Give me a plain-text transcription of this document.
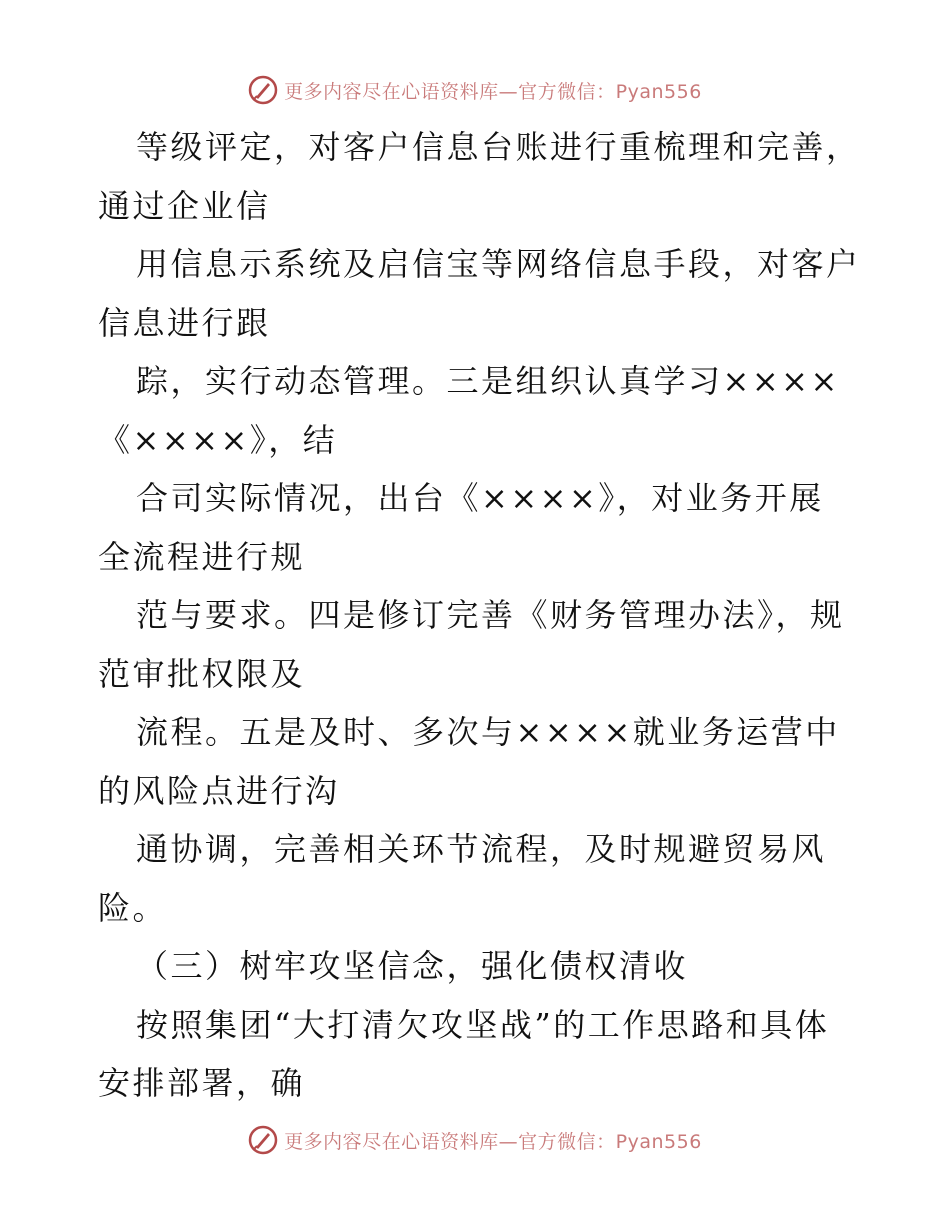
更多内容尽在心语资料库—官方微信：Pyan556
等级评定，对客户信息台账进行重梳理和完善，
通过企业信
用信息示系统及启信宝等网络信息手段，对客户
信息进行跟
踪，实行动态管理。三是组织认真学习××××
《××××》，结
合司实际情况，出台《××××》，对业务开展
全流程进行规
范与要求。四是修订完善《财务管理办法》，规
范审批权限及
流程。五是及时、多次与××××就业务运营中
的风险点进行沟
通协调，完善相关环节流程，及时规避贸易风
险。
（三）树牢攻坚信念，强化债权清收
按照集团“大打清欠攻坚战”的工作思路和具体
安排部署，确
更多内容尽在心语资料库—官方微信：Pyan556
